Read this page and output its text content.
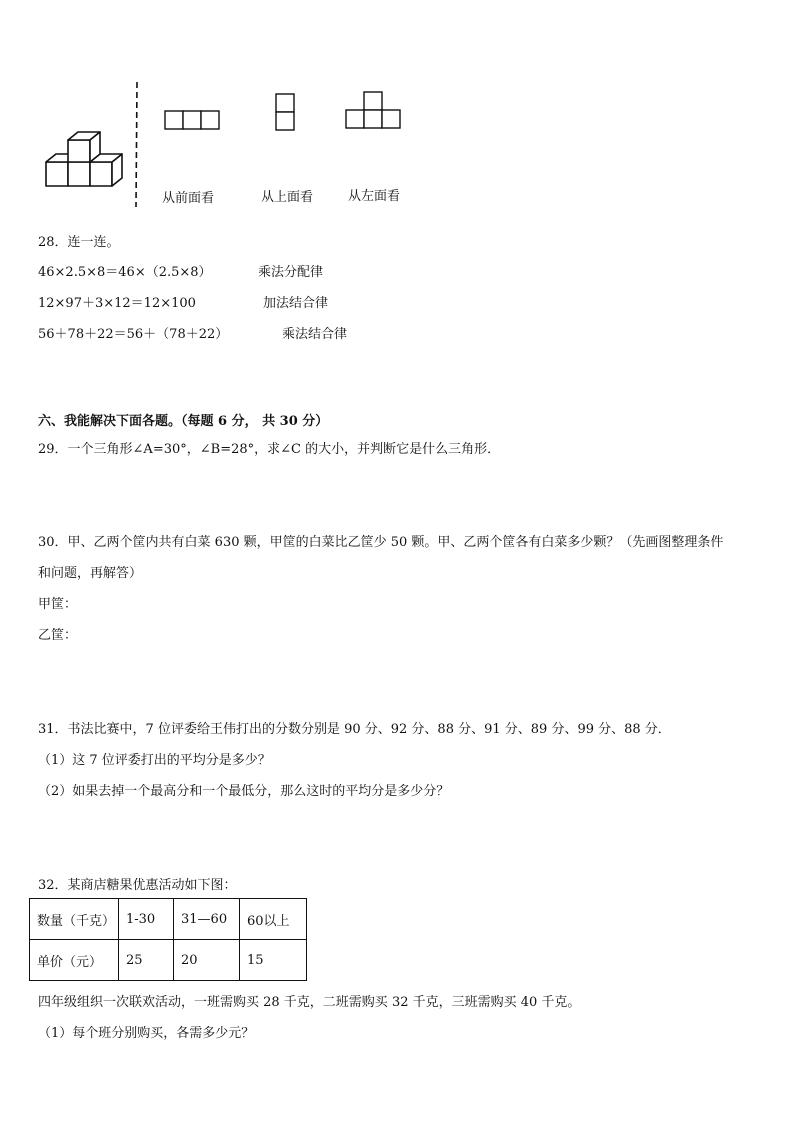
从前面看	从上面看	从左面看
28．连一连。
46×2.5×8＝46×（2.5×8）	乘法分配律
12×97＋3×12＝12×100	加法结合律
56＋78＋22＝56＋（78＋22）	乘法结合律
六、我能解决下面各题。（每题 6 分， 共 30 分）
29．一个三角形∠A=30°，∠B=28°，求∠C 的大小，并判断它是什么三角形．
30．甲、乙两个筐内共有白菜 630 颗，甲筐的白菜比乙筐少 50 颗。甲、乙两个筐各有白菜多少颗？（先画图整理条件
和问题，再解答）
甲筐：
乙筐：
31．书法比赛中，7 位评委给王伟打出的分数分别是 90 分、92 分、88 分、91 分、89 分、99 分、88 分．
（1）这 7 位评委打出的平均分是多少？
（2）如果去掉一个最高分和一个最低分，那么这时的平均分是多少分？
32．某商店糖果优惠活动如下图：
数量（千克）	1-30	31—60	60以上
单价（元）	25	20	15
四年级组织一次联欢活动，一班需购买 28 千克，二班需购买 32 千克，三班需购买 40 千克。
（1）每个班分别购买，各需多少元？
